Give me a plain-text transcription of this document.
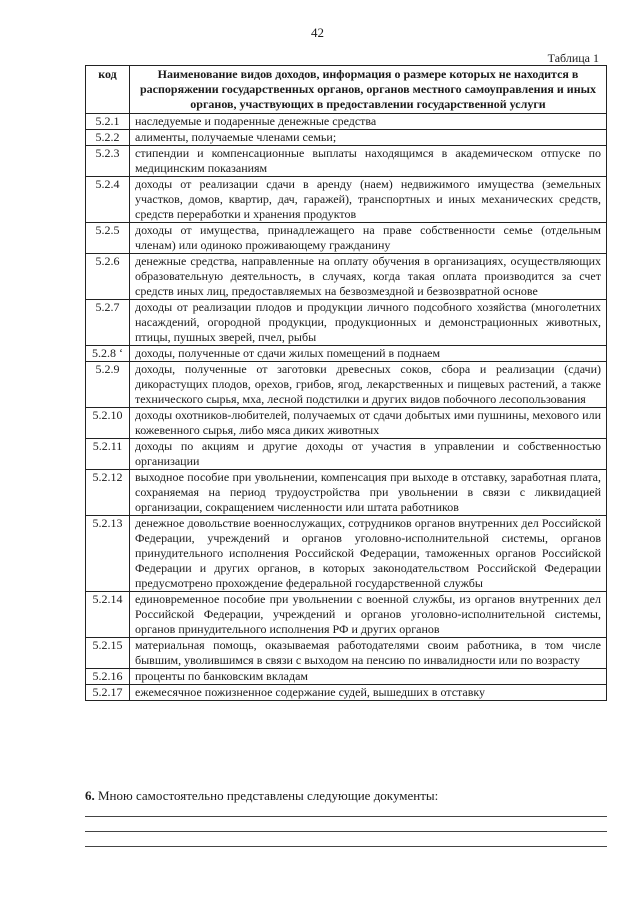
42
Таблица 1
код	Наименование видов доходов, информация о размере которых не находится в распоряжении государственных органов, органов местного самоуправления и иных органов, участвующих в предоставлении государственной услуги
5.2.1	наследуемые и подаренные денежные средства
5.2.2	алименты, получаемые членами семьи;
5.2.3	стипендии и компенсационные выплаты находящимся в академическом отпуске по медицинским показаниям
5.2.4	доходы от реализации сдачи в аренду (наем) недвижимого имущества (земельных участков, домов, квартир, дач, гаражей), транспортных и иных механических средств, средств переработки и хранения продуктов
5.2.5	доходы от имущества, принадлежащего на праве собственности семье (отдельным членам) или одиноко проживающему гражданину
5.2.6	денежные средства, направленные на оплату обучения в организациях, осуществляющих образовательную деятельность, в случаях, когда такая оплата производится за счет средств иных лиц, предоставляемых на безвозмездной и безвозвратной основе
5.2.7	доходы от реализации плодов и продукции личного подсобного хозяйства (многолетних насаждений, огородной продукции, продукционных и демонстрационных животных, птицы, пушных зверей, пчел, рыбы
5.2.8 ‘	доходы, полученные от сдачи жилых помещений в поднаем
5.2.9	доходы, полученные от заготовки древесных соков, сбора и реализации (сдачи) дикорастущих плодов, орехов, грибов, ягод, лекарственных и пищевых растений, а также технического сырья, мха, лесной подстилки и других видов побочного лесопользования
5.2.10	доходы охотников-любителей, получаемых от сдачи добытых ими пушнины, мехового или кожевенного сырья, либо мяса диких животных
5.2.11	доходы по акциям и другие доходы от участия в управлении и собственностью организации
5.2.12	выходное пособие при увольнении, компенсация при выходе в отставку, заработная плата, сохраняемая на период трудоустройства при увольнении в связи с ликвидацией организации, сокращением численности или штата работников
5.2.13	денежное довольствие военнослужащих, сотрудников органов внутренних дел Российской Федерации, учреждений и органов уголовно-исполнительной системы, органов принудительного исполнения Российской Федерации, таможенных органов Российской Федерации и других органов, в которых законодательством Российской Федерации предусмотрено прохождение федеральной государственной службы
5.2.14	единовременное пособие при увольнении с военной службы, из органов внутренних дел Российской Федерации, учреждений и органов уголовно-исполнительной системы, органов принудительного исполнения РФ и других органов
5.2.15	материальная помощь, оказываемая работодателями своим работника, в том числе бывшим, уволившимся в связи с выходом на пенсию по инвалидности или по возрасту
5.2.16	проценты по банковским вкладам
5.2.17	ежемесячное пожизненное содержание судей, вышедших в отставку
6. Мною самостоятельно представлены следующие документы:
